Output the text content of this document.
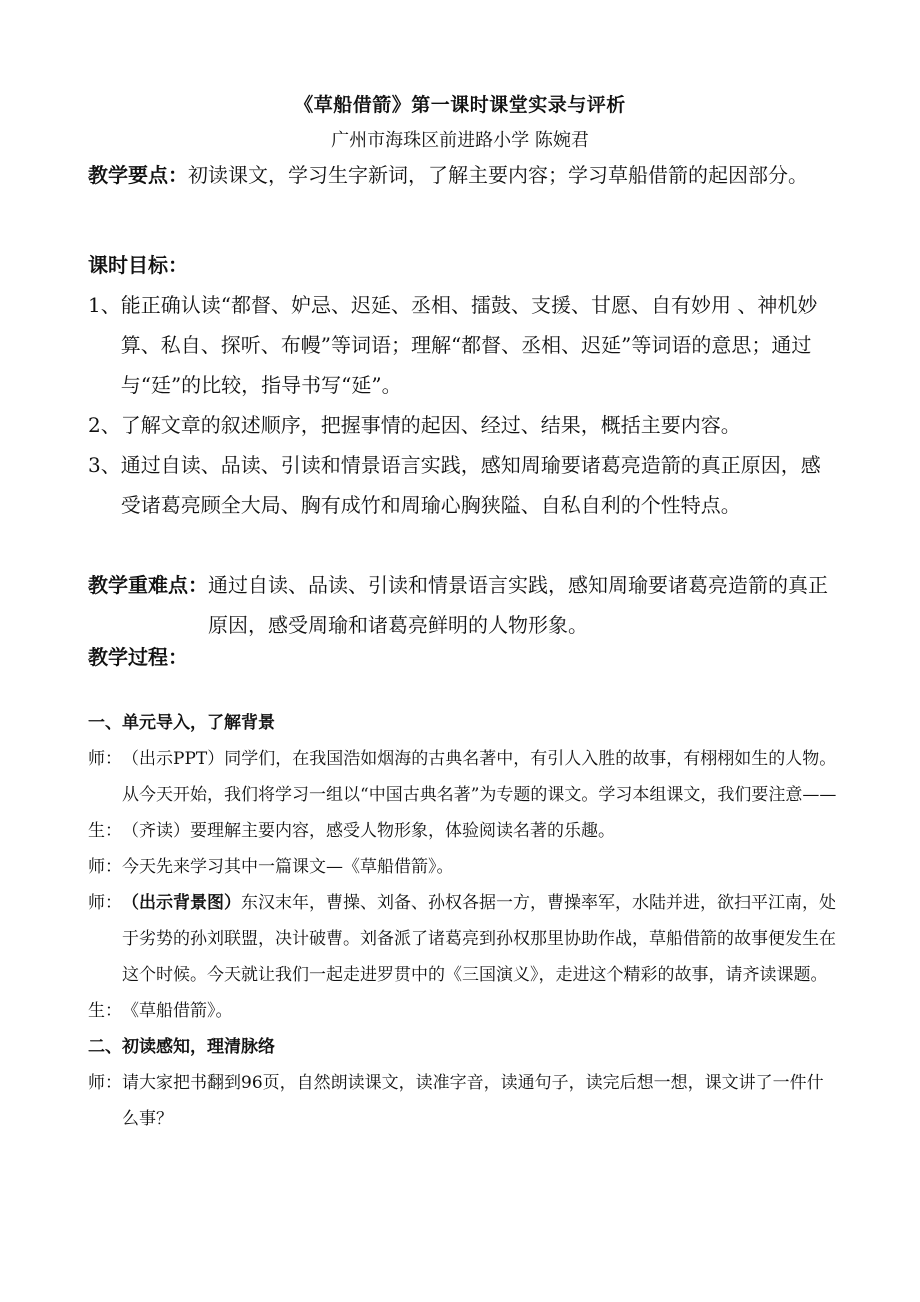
《草船借箭》第一课时课堂实录与评析
广州市海珠区前进路小学 陈婉君
教学要点： 初读课文，学习生字新词，了解主要内容；学习草船借箭的起因部分。
课时目标：
1、 能正确认读“都督、妒忌、迟延、丞相、擂鼓、支援、甘愿、自有妙用 、神机妙算、私自、探听、布幔”等词语；理解“都督、丞相、迟延”等词语的意思；通过与“廷”的比较，指导书写“延”。
2、 了解文章的叙述顺序，把握事情的起因、经过、结果，概括主要内容。
3、 通过自读、品读、引读和情景语言实践，感知周瑜要诸葛亮造箭的真正原因，感受诸葛亮顾全大局、胸有成竹和周瑜心胸狭隘、自私自利的个性特点。
教学重难点： 通过自读、品读、引读和情景语言实践，感知周瑜要诸葛亮造箭的真正原因，感受周瑜和诸葛亮鲜明的人物形象。
教学过程：
一、单元导入，了解背景
师： （出示PPT）同学们，在我国浩如烟海的古典名著中，有引人入胜的故事，有栩栩如生的人物。从今天开始，我们将学习一组以“中国古典名著”为专题的课文。学习本组课文，我们要注意——
生： （齐读）要理解主要内容，感受人物形象，体验阅读名著的乐趣。
师： 今天先来学习其中一篇课文—《草船借箭》。
师： （出示背景图）东汉末年，曹操、刘备、孙权各据一方，曹操率军，水陆并进，欲扫平江南，处于劣势的孙刘联盟，决计破曹。刘备派了诸葛亮到孙权那里协助作战，草船借箭的故事便发生在这个时候。今天就让我们一起走进罗贯中的《三国演义》，走进这个精彩的故事，请齐读课题。
生： 《草船借箭》。
二、初读感知，理清脉络
师： 请大家把书翻到96页，自然朗读课文，读准字音，读通句子，读完后想一想，课文讲了一件什么事？
